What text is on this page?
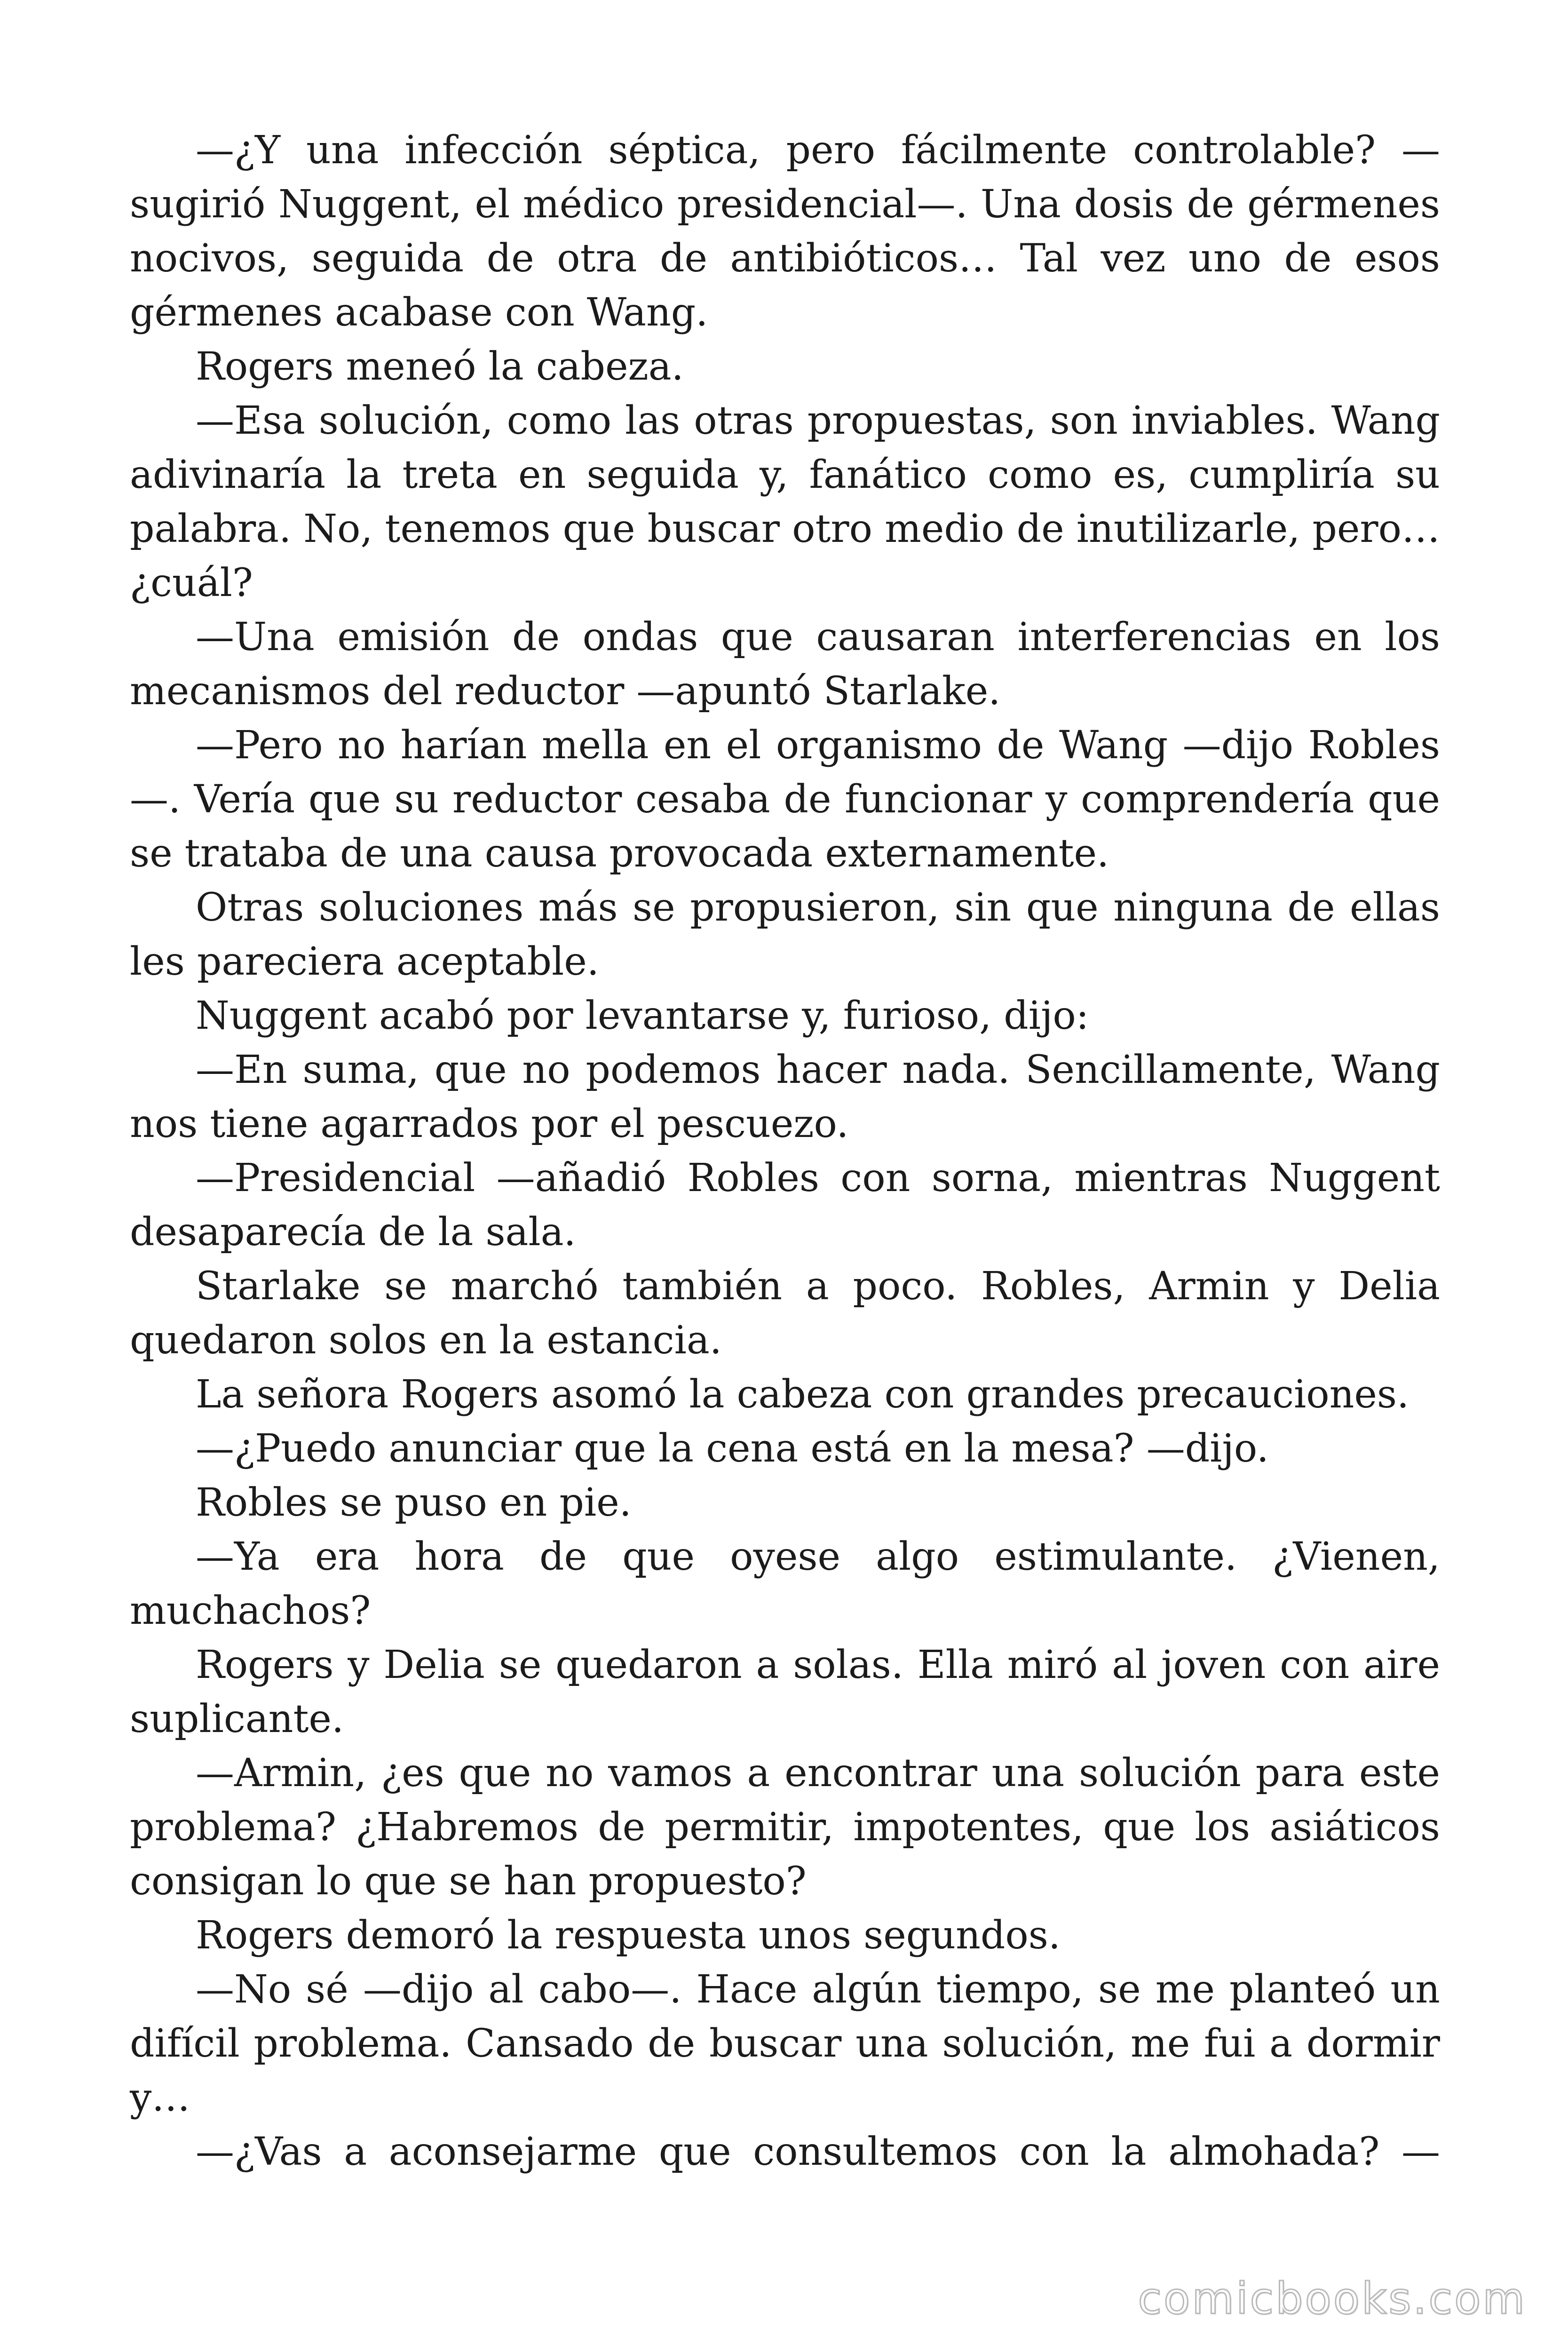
—¿Y una infección séptica, pero fácilmente controlable? —sugirió Nuggent, el médico presidencial—. Una dosis de gérmenes nocivos, seguida de otra de antibióticos… Tal vez uno de esos gérmenes acabase con Wang.

Rogers meneó la cabeza.

—Esa solución, como las otras propuestas, son inviables. Wang adivinaría la treta en seguida y, fanático como es, cumpliría su palabra. No, tenemos que buscar otro medio de inutilizarle, pero… ¿cuál?

—Una emisión de ondas que causaran interferencias en los mecanismos del reductor —apuntó Starlake.

—Pero no harían mella en el organismo de Wang —dijo Robles —. Vería que su reductor cesaba de funcionar y comprendería que se trataba de una causa provocada externamente.

Otras soluciones más se propusieron, sin que ninguna de ellas les pareciera aceptable.

Nuggent acabó por levantarse y, furioso, dijo:

—En suma, que no podemos hacer nada. Sencillamente, Wang nos tiene agarrados por el pescuezo.

—Presidencial —añadió Robles con sorna, mientras Nuggent desaparecía de la sala.

Starlake se marchó también a poco. Robles, Armin y Delia quedaron solos en la estancia.

La señora Rogers asomó la cabeza con grandes precauciones.

—¿Puedo anunciar que la cena está en la mesa? —dijo.

Robles se puso en pie.

—Ya era hora de que oyese algo estimulante. ¿Vienen, muchachos?

Rogers y Delia se quedaron a solas. Ella miró al joven con aire suplicante.

—Armin, ¿es que no vamos a encontrar una solución para este problema? ¿Habremos de permitir, impotentes, que los asiáticos consigan lo que se han propuesto?

Rogers demoró la respuesta unos segundos.

—No sé —dijo al cabo—. Hace algún tiempo, se me planteó un difícil problema. Cansado de buscar una solución, me fui a dormir y…

—¿Vas a aconsejarme que consultemos con la almohada? —

comicbooks.com
